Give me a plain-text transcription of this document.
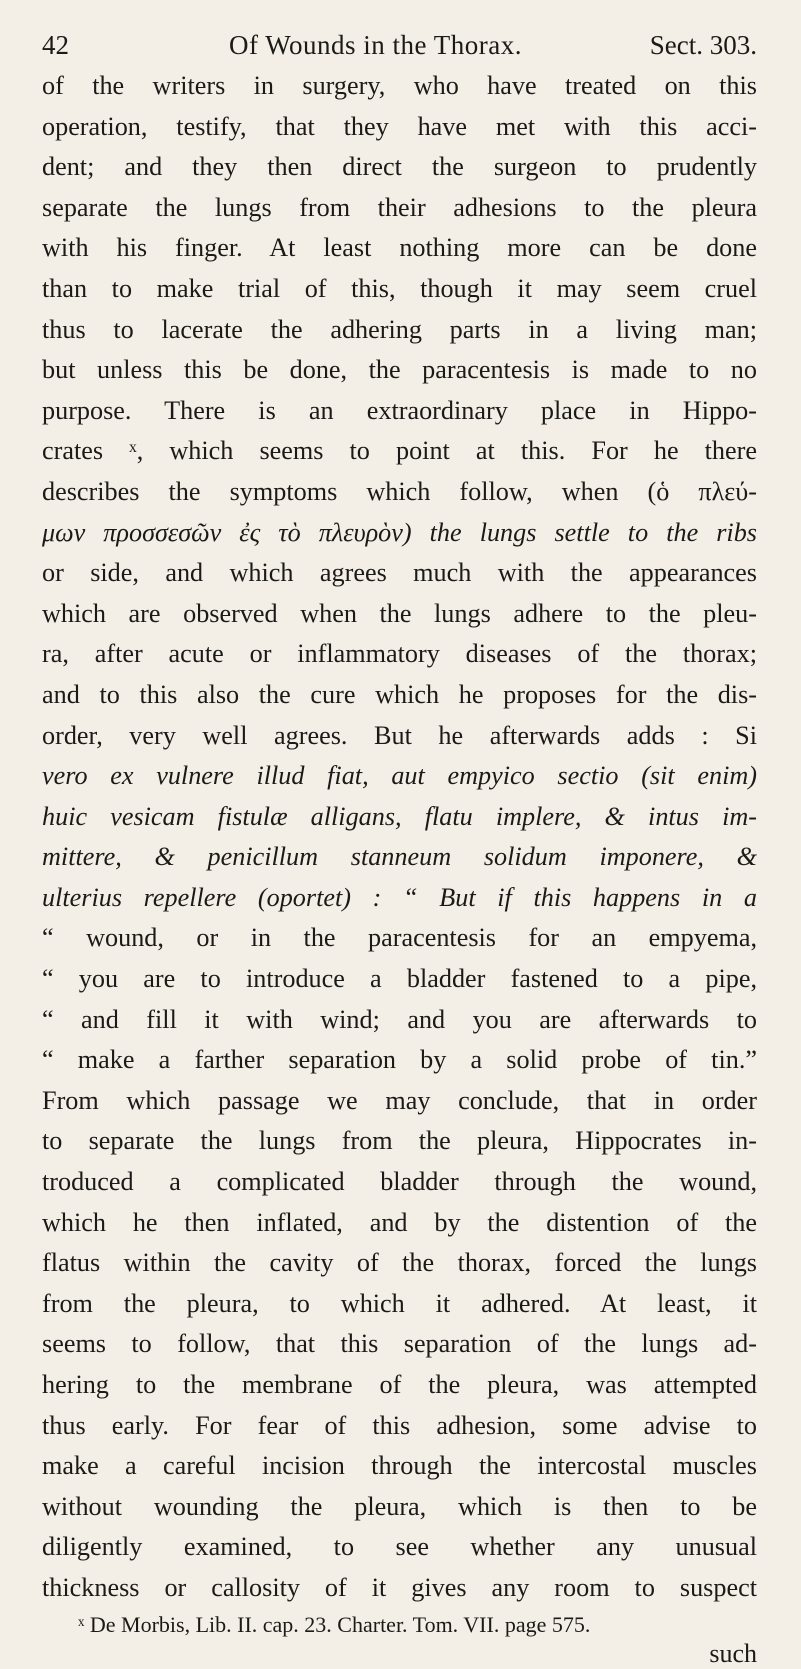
42	Of Wounds in the Thorax.	Sect. 303.
of the writers in surgery, who have treated on this
operation, testify, that they have met with this acci-
dent; and they then direct the surgeon to prudently
separate the lungs from their adhesions to the pleura
with his finger. At least nothing more can be done
than to make trial of this, though it may seem cruel
thus to lacerate the adhering parts in a living man;
but unless this be done, the paracentesis is made to no
purpose. There is an extraordinary place in Hippo-
crates ˣ, which seems to point at this. For he there
describes the symptoms which follow, when (ὁ πλεύ-
μων προσσεσῶν ἐς τὸ πλευρὸν) the lungs settle to the ribs
or side, and which agrees much with the appearances
which are observed when the lungs adhere to the pleu-
ra, after acute or inflammatory diseases of the thorax;
and to this also the cure which he proposes for the dis-
order, very well agrees. But he afterwards adds : Si
vero ex vulnere illud fiat, aut empyico sectio (sit enim)
huic vesicam fistulæ alligans, flatu implere, & intus im-
mittere, & penicillum stanneum solidum imponere, &
ulterius repellere (oportet) : “ But if this happens in a
“ wound, or in the paracentesis for an empyema,
“ you are to introduce a bladder fastened to a pipe,
“ and fill it with wind; and you are afterwards to
“ make a farther separation by a solid probe of tin.”
From which passage we may conclude, that in order
to separate the lungs from the pleura, Hippocrates in-
troduced a complicated bladder through the wound,
which he then inflated, and by the distention of the
flatus within the cavity of the thorax, forced the lungs
from the pleura, to which it adhered. At least, it
seems to follow, that this separation of the lungs ad-
hering to the membrane of the pleura, was attempted
thus early. For fear of this adhesion, some advise to
make a careful incision through the intercostal muscles
without wounding the pleura, which is then to be
diligently examined, to see whether any unusual
thickness or callosity of it gives any room to suspect
ˣ De Morbis, Lib. II. cap. 23. Charter. Tom. VII. page 575.
such
